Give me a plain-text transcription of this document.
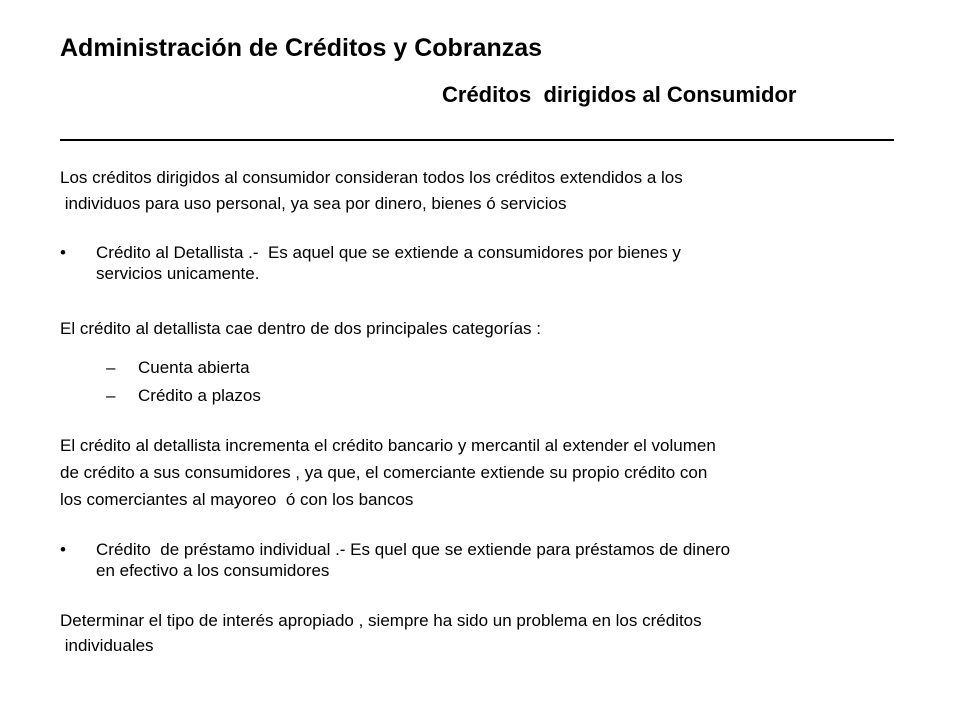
Administración de Créditos y Cobranzas
Créditos  dirigidos al Consumidor

Los créditos dirigidos al consumidor consideran todos los créditos extendidos a los

individuos para uso personal, ya sea por dinero, bienes ó servicios

• Crédito al Detallista .-  Es aquel que se extiende a consumidores por bienes y

servicios unicamente.

El crédito al detallista cae dentro de dos principales categorías :

– Cuenta abierta

– Crédito a plazos

El crédito al detallista incrementa el crédito bancario y mercantil al extender el volumen

de crédito a sus consumidores , ya que, el comerciante extiende su propio crédito con

los comerciantes al mayoreo  ó con los bancos

• Crédito  de préstamo individual .- Es quel que se extiende para préstamos de dinero

en efectivo a los consumidores

Determinar el tipo de interés apropiado , siempre ha sido un problema en los créditos

individuales
